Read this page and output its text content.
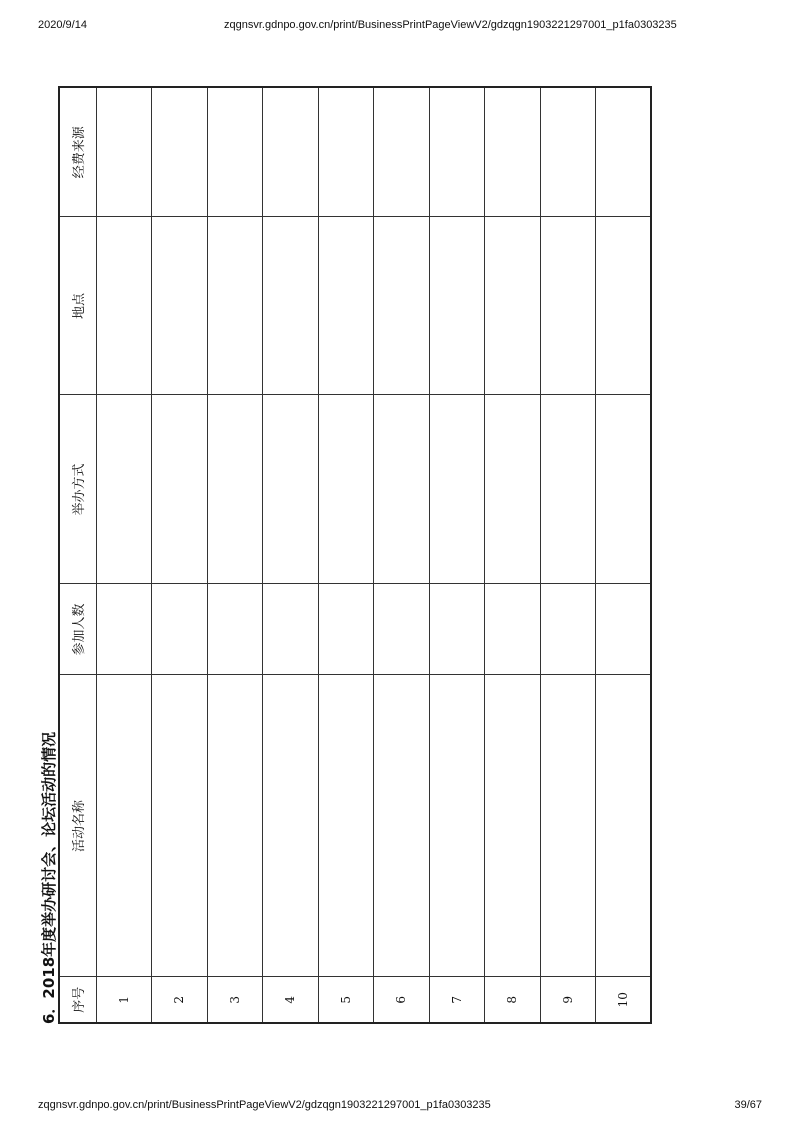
2020/9/14	zqgnsvr.gdnpo.gov.cn/print/BusinessPrintPageViewV2/gdzqgn1903221297001_p1fa0303235
6．2018年度举办研讨会、论坛活动的情况 序号	活动名称	参加人数	举办方式	地点	经费来源
1					
2					
3					
4					
5					
6					
7					
8					
9					
10					
zqgnsvr.gdnpo.gov.cn/print/BusinessPrintPageViewV2/gdzqgn1903221297001_p1fa0303235	39/67
